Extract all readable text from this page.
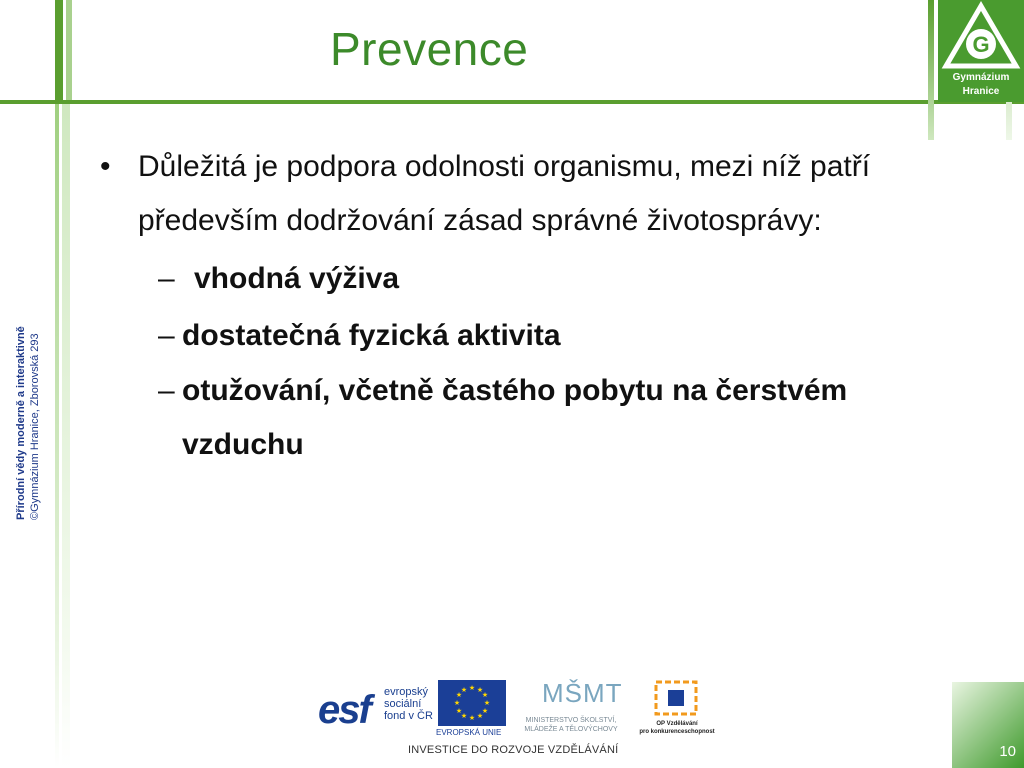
Prevence	G
Gymnázium
Hranice
Přírodní vědy moderně a interaktivně ©Gymnázium Hranice, Zborovská 293
• Důležitá je podpora odolnosti organismu, mezi níž patří především dodržování zásad správné životosprávy:
– vhodná výživa
– dostatečná fyzická aktivita
– otužování, včetně častého pobytu na čerstvém vzduchu
esf evropský
sociální
fond v ČR
★ ★
★
★
★
★
★
★
★
★
★
★
EVROPSKÁ UNIE
MŠMT
MINISTERSTVO ŠKOLSTVÍ,
MLÁDEŽE A TĚLOVÝCHOVY
OP Vzdělávání
pro konkurenceschopnost
INVESTICE DO ROZVOJE VZDĚLÁVÁNÍ	10
